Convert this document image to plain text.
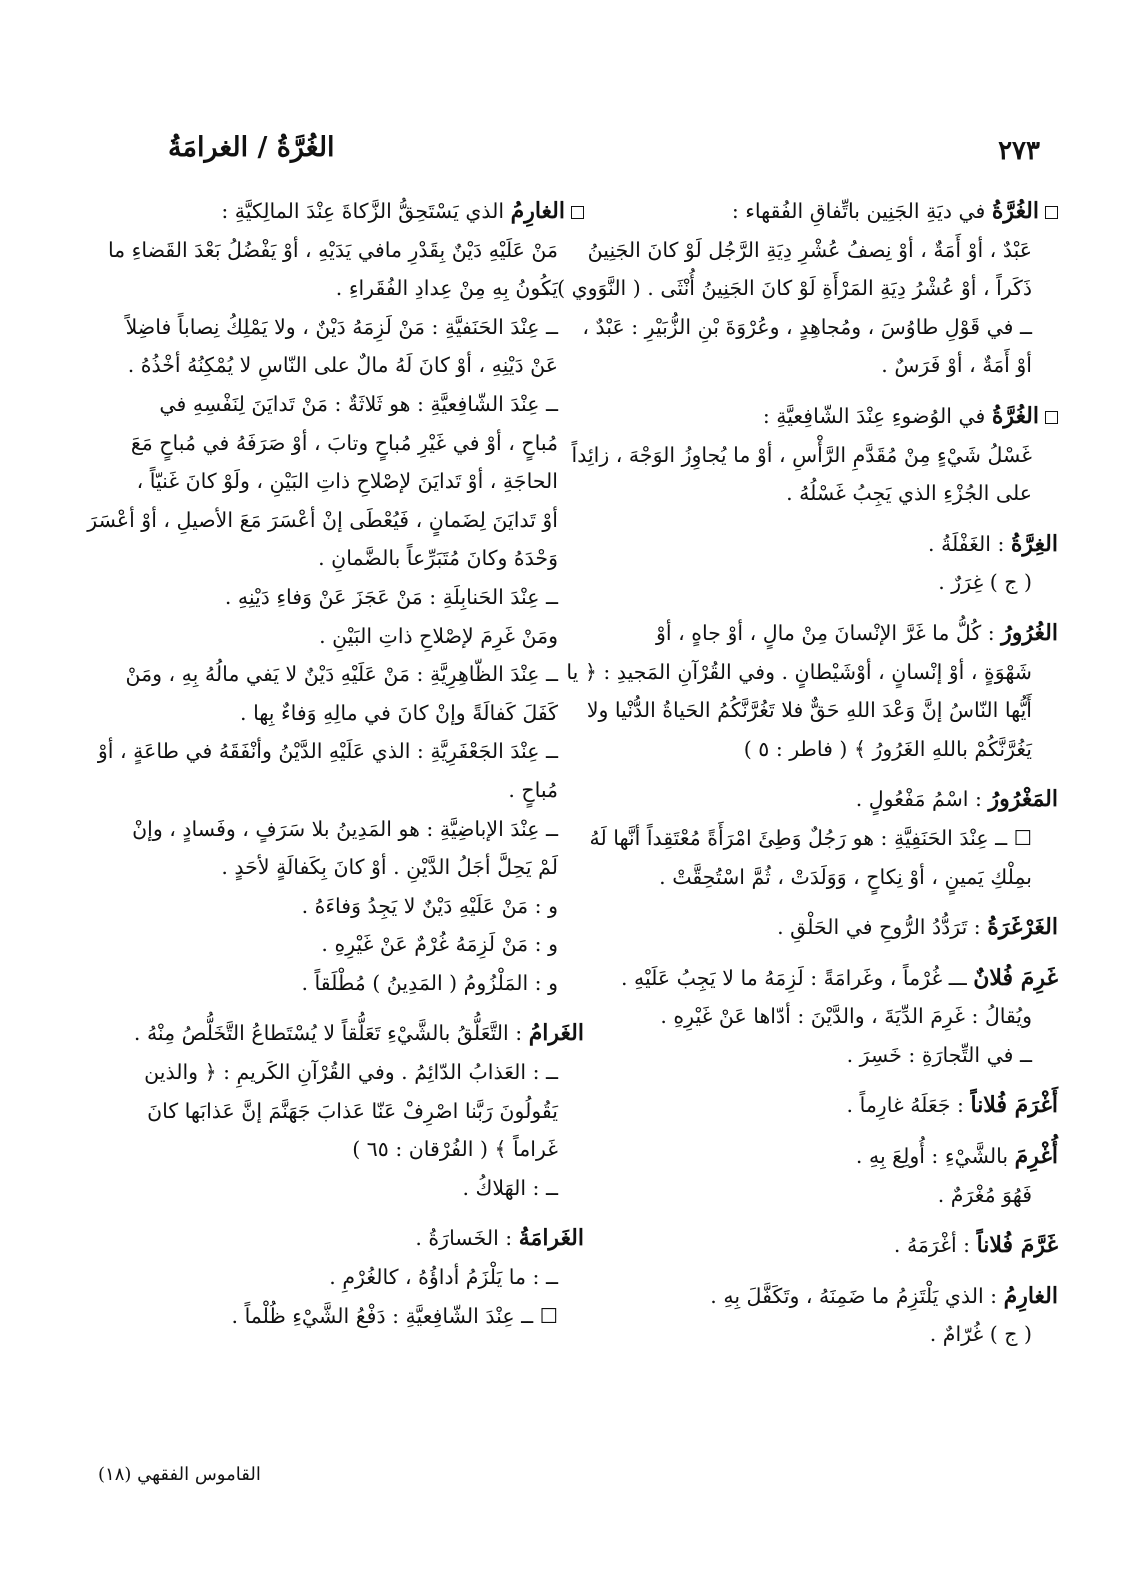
٢٧٣
الغُرَّةُ / الغرامَةُ
الغُرَّةُ في ديَةِ الجَنِين باتِّفاقِ الفُقهاء :
عَبْدٌ ، أوْ أَمَةٌ ، أوْ نِصفُ عُشْرِ دِيَةِ الرَّجُل لَوْ كانَ الجَنِينُ
ذَكَراً ، أوْ عُشْرُ دِيَةِ المَرْأَةِ لَوْ كانَ الجَنِينُ أُنْثَى . ( النَّوَوي ) .
ــ في قَوْلِ طاوُسَ ، ومُجاهِدٍ ، وعُرْوَةَ بْنِ الزُّبَيْرِ : عَبْدٌ ،
أوْ أَمَةٌ ، أوْ فَرَسٌ .
الغُرَّةُ في الوُضوءِ عِنْدَ الشّافِعيَّةِ :
غَسْلُ شَيْءٍ مِنْ مُقَدَّمِ الرَّأْسِ ، أوْ ما يُجاوِزُ الوَجْهَ ، زائِداً
على الجُزْءِ الذي يَجِبُ غَسْلُهُ .
الغِرَّةُ : الغَفْلَةُ .
( ج ) غِرَرٌ .
الغُرُورُ : كُلُّ ما غَرَّ الإنْسانَ مِنْ مالٍ ، أوْ جاهٍ ، أوْ
شَهْوَةٍ ، أوْ إنْسانٍ ، أوْشَيْطانٍ . وفي القُرْآنِ المَجيدِ : ﴿ يا
أَيُّها النّاسُ إنَّ وَعْدَ اللهِ حَقٌّ فلا تَغُرَّنَّكُمُ الحَياةُ الدُّنْيا ولا
يَغُرَّنَّكُمْ باللهِ الغَرُورُ ﴾ ( فاطر : ٥ )
المَغْرُورُ : اسْمُ مَفْعُولٍ .
☐ ــ عِنْدَ الحَنَفِيَّةِ : هو رَجُلٌ وَطِئَ امْرَأَةً مُعْتَقِداً أنَّها لَهُ
بمِلْكِ يَمينٍ ، أوْ نِكاحٍ ، وَوَلَدَتْ ، ثُمَّ اسْتُحِقَّتْ .
الغَرْغَرَةُ : تَرَدُّدُ الرُّوحِ في الحَلْقِ .
غَرِمَ فُلانٌ ـــ غُرْماً ، وغَرامَةً : لَزِمَهُ ما لا يَجِبُ عَلَيْهِ .
ويُقالُ : غَرِمَ الدِّيَةَ ، والدَّيْنَ : أدّاها عَنْ غَيْرِهِ .
ــ في التِّجارَةِ : خَسِرَ .
أَغْرَمَ فُلاناً : جَعَلَهُ غارِماً .
أُغْرِمَ بالشَّيْءِ : أُولِعَ بِهِ .
فَهُوَ مُغْرَمٌ .
غَرَّمَ فُلاناً : أغْرَمَهُ .
الغارِمُ : الذي يَلْتَزِمُ ما ضَمِنَهُ ، وتَكَفَّلَ بِهِ .
( ج ) غُرّامٌ .
الغارِمُ الذي يَسْتَحِقُّ الزَّكاةَ عِنْدَ المالِكيَّةِ :
مَنْ عَلَيْهِ دَيْنٌ بِقَدْرِ مافي يَدَيْهِ ، أوْ يَفْضُلُ بَعْدَ القَضاءِ ما
يَكُونُ بِهِ مِنْ عِدادِ الفُقَراءِ .
ــ عِنْدَ الحَنَفيَّةِ : مَنْ لَزِمَهُ دَيْنٌ ، ولا يَمْلِكُ نِصاباً فاضِلاً
عَنْ دَيْنِهِ ، أوْ كانَ لَهُ مالٌ على النّاسِ لا يُمْكِنُهُ أخْذُهُ .
ــ عِنْدَ الشّافِعيَّةِ : هو ثَلاثَةٌ : مَنْ تَدايَنَ لِنَفْسِهِ في
مُباحٍ ، أوْ في غَيْرِ مُباحٍ وتابَ ، أوْ صَرَفَهُ في مُباحٍ مَعَ
الحاجَةِ ، أوْ تَدايَنَ لإصْلاحِ ذاتِ البَيْنِ ، ولَوْ كانَ غَنيّاً ،
أوْ تَدايَنَ لِضَمانٍ ، فَيُعْطَى إنْ أعْسَرَ مَعَ الأصيلِ ، أوْ أعْسَرَ
وَحْدَهُ وكانَ مُتَبَرِّعاً بالضَّمانِ .
ــ عِنْدَ الحَنابِلَةِ : مَنْ عَجَزَ عَنْ وَفاءِ دَيْنِهِ .
ومَنْ غَرِمَ لإصْلاحِ ذاتِ البَيْنِ .
ــ عِنْدَ الظّاهِرِيَّةِ : مَنْ عَلَيْهِ دَيْنٌ لا يَفي مالُهُ بِهِ ، ومَنْ
كَفَلَ كَفالَةً وإنْ كانَ في مالِهِ وَفاءٌ بِها .
ــ عِنْدَ الجَعْفَرِيَّةِ : الذي عَلَيْهِ الدَّيْنُ وأنْفَقَهُ في طاعَةٍ ، أوْ
مُباحٍ .
ــ عِنْدَ الإباضِيَّةِ : هو المَدِينُ بلا سَرَفٍ ، وفَسادٍ ، وإنْ
لَمْ يَحِلَّ أجَلُ الدَّيْنِ . أوْ كانَ بِكَفالَةٍ لأحَدٍ .
و : مَنْ عَلَيْهِ دَيْنٌ لا يَجِدُ وَفاءَهُ .
و : مَنْ لَزِمَهُ غُرْمٌ عَنْ غَيْرِهِ .
و : المَلْزُومُ ( المَدِينُ ) مُطْلَقاً .
الغَرامُ : التَّعَلُّقُ بالشَّيْءِ تَعَلُّقاً لا يُسْتَطاعُ التَّخَلُّصُ مِنْهُ .
ــ : العَذابُ الدّائِمُ . وفي القُرْآنِ الكَريمِ : ﴿ والذين
يَقُولُونَ رَبَّنا اصْرِفْ عَنّا عَذابَ جَهَنَّمَ إنَّ عَذابَها كانَ
غَراماً ﴾ ( الفُرْقان : ٦٥ )
ــ : الهَلاكُ .
الغَرامَةُ : الخَسارَةُ .
ــ : ما يَلْزَمُ أداؤُهُ ، كالغُرْمِ .
☐ ــ عِنْدَ الشّافِعيَّةِ : دَفْعُ الشَّيْءِ ظُلْماً .
القاموس الفقهي (١٨)
